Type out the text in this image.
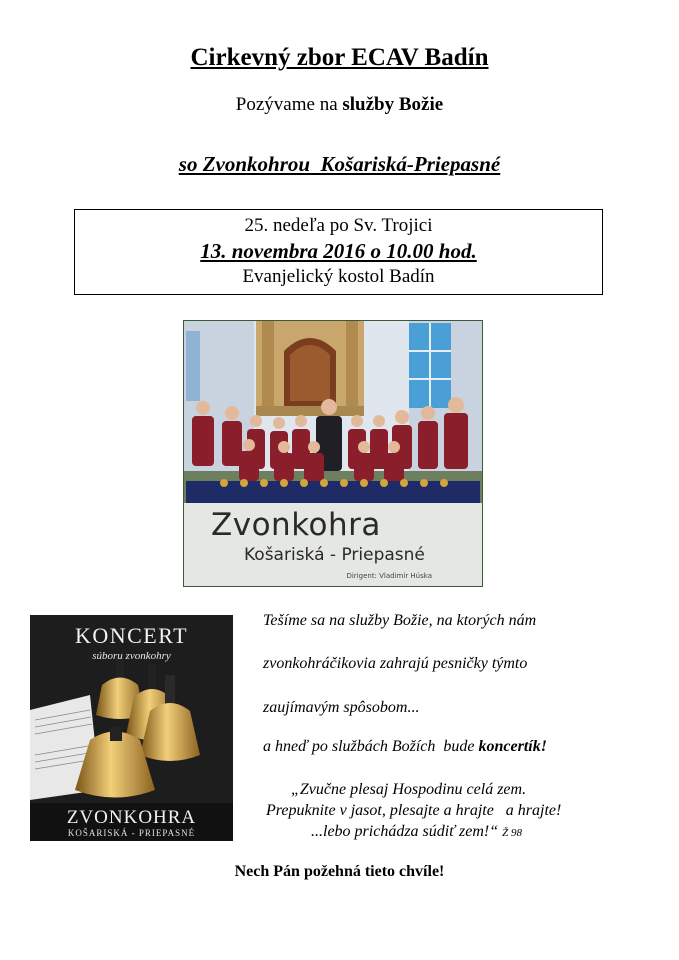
Cirkevný zbor ECAV Badín
Pozývame na služby Božie
so Zvonkohrou  Košariská-Priepasné
25. nedeľa po Sv. Trojici
13. novembra 2016 o 10.00 hod.
Evanjelický kostol Badín
Zvonkohra
Košariská - Priepasné
Dirigent: Vladimír Húska
KONCERT
súboru zvonkohry
ZVONKOHRA
KOŠARISKÁ - PRIEPASNÉ
Tešíme sa na služby Božie, na ktorých nám
zvonkohráčikovia zahrajú pesničky týmto
zaujímavým spôsobom...
a hneď po službách Božích  bude koncertík!
„Zvučne plesaj Hospodinu celá zem.
Prepuknite v jasot, plesajte a hrajte   a hrajte!
...lebo prichádza súdiť zem!“ Ž 98
Nech Pán požehná tieto chvíle!
